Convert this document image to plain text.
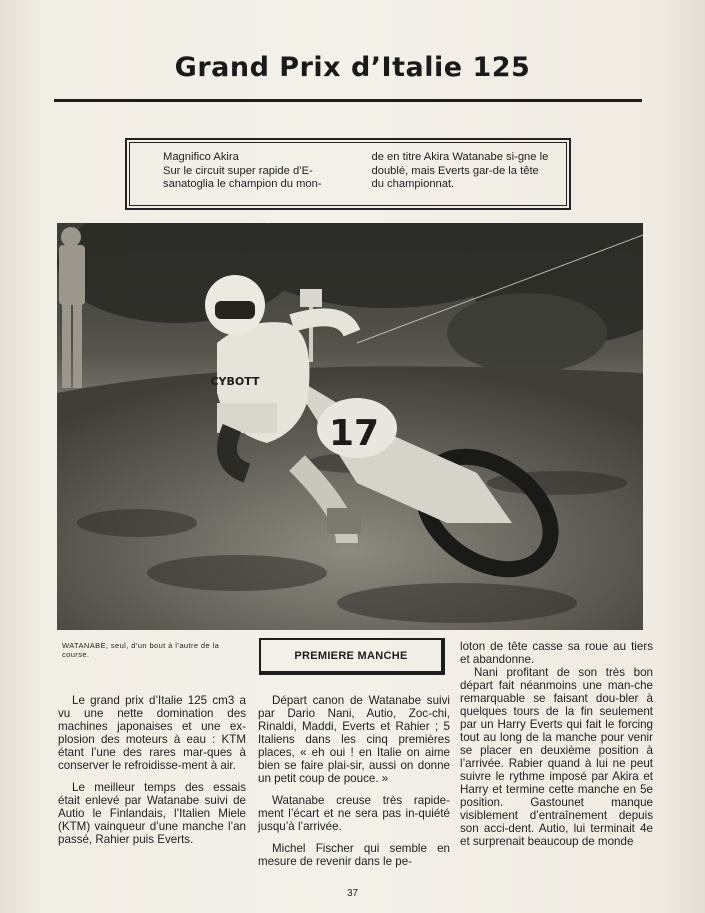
Grand Prix d’Italie 125
Magnifico Akira
Sur le circuit super rapide d’E-sanatoglia le champion du mon-
de en titre Akira Watanabe si-gne le doublé, mais Everts gar-de la tête du championnat.
17
CYBOTT
WATANABE, seul, d’un bout à l’autre de la course.	PREMIERE MANCHE

Le grand prix d’Italie 125 cm3 a vu une nette domination des machines japonaises et une ex-plosion des moteurs à eau : KTM étant l’une des rares mar-ques à conserver le refroidisse-ment à air.

Le meilleur temps des essais était enlevé par Watanabe suivi de Autio le Finlandais, l’Italien Miele (KTM) vainqueur d’une manche l’an passé, Rahier puis Everts.

Départ canon de Watanabe suivi par Dario Nani, Autio, Zoc-chi, Rinaldi, Maddi, Everts et Rahier ; 5 Italiens dans les cinq premières places, « eh oui ! en Italie on aime bien se faire plai-sir, aussi on donne un petit coup de pouce. »

Watanabe creuse très rapide-ment l’écart et ne sera pas in-quiété jusqu’à l’arrivée.

Michel Fischer qui semble en mesure de revenir dans le pe-

loton de tête casse sa roue au tiers et abandonne.

Nani profitant de son très bon départ fait néanmoins une man-che remarquable se faisant dou-bler à quelques tours de la fin seulement par un Harry Everts qui fait le forcing tout au long de la manche pour venir se placer en deuxième position à l’arrivée. Rabier quand à lui ne peut suivre le rythme imposé par Akira et Harry et termine cette manche en 5e position. Gastounet manque visiblement d’entraînement depuis son acci-dent. Autio, lui terminait 4e et surprenait beaucoup de monde

37
